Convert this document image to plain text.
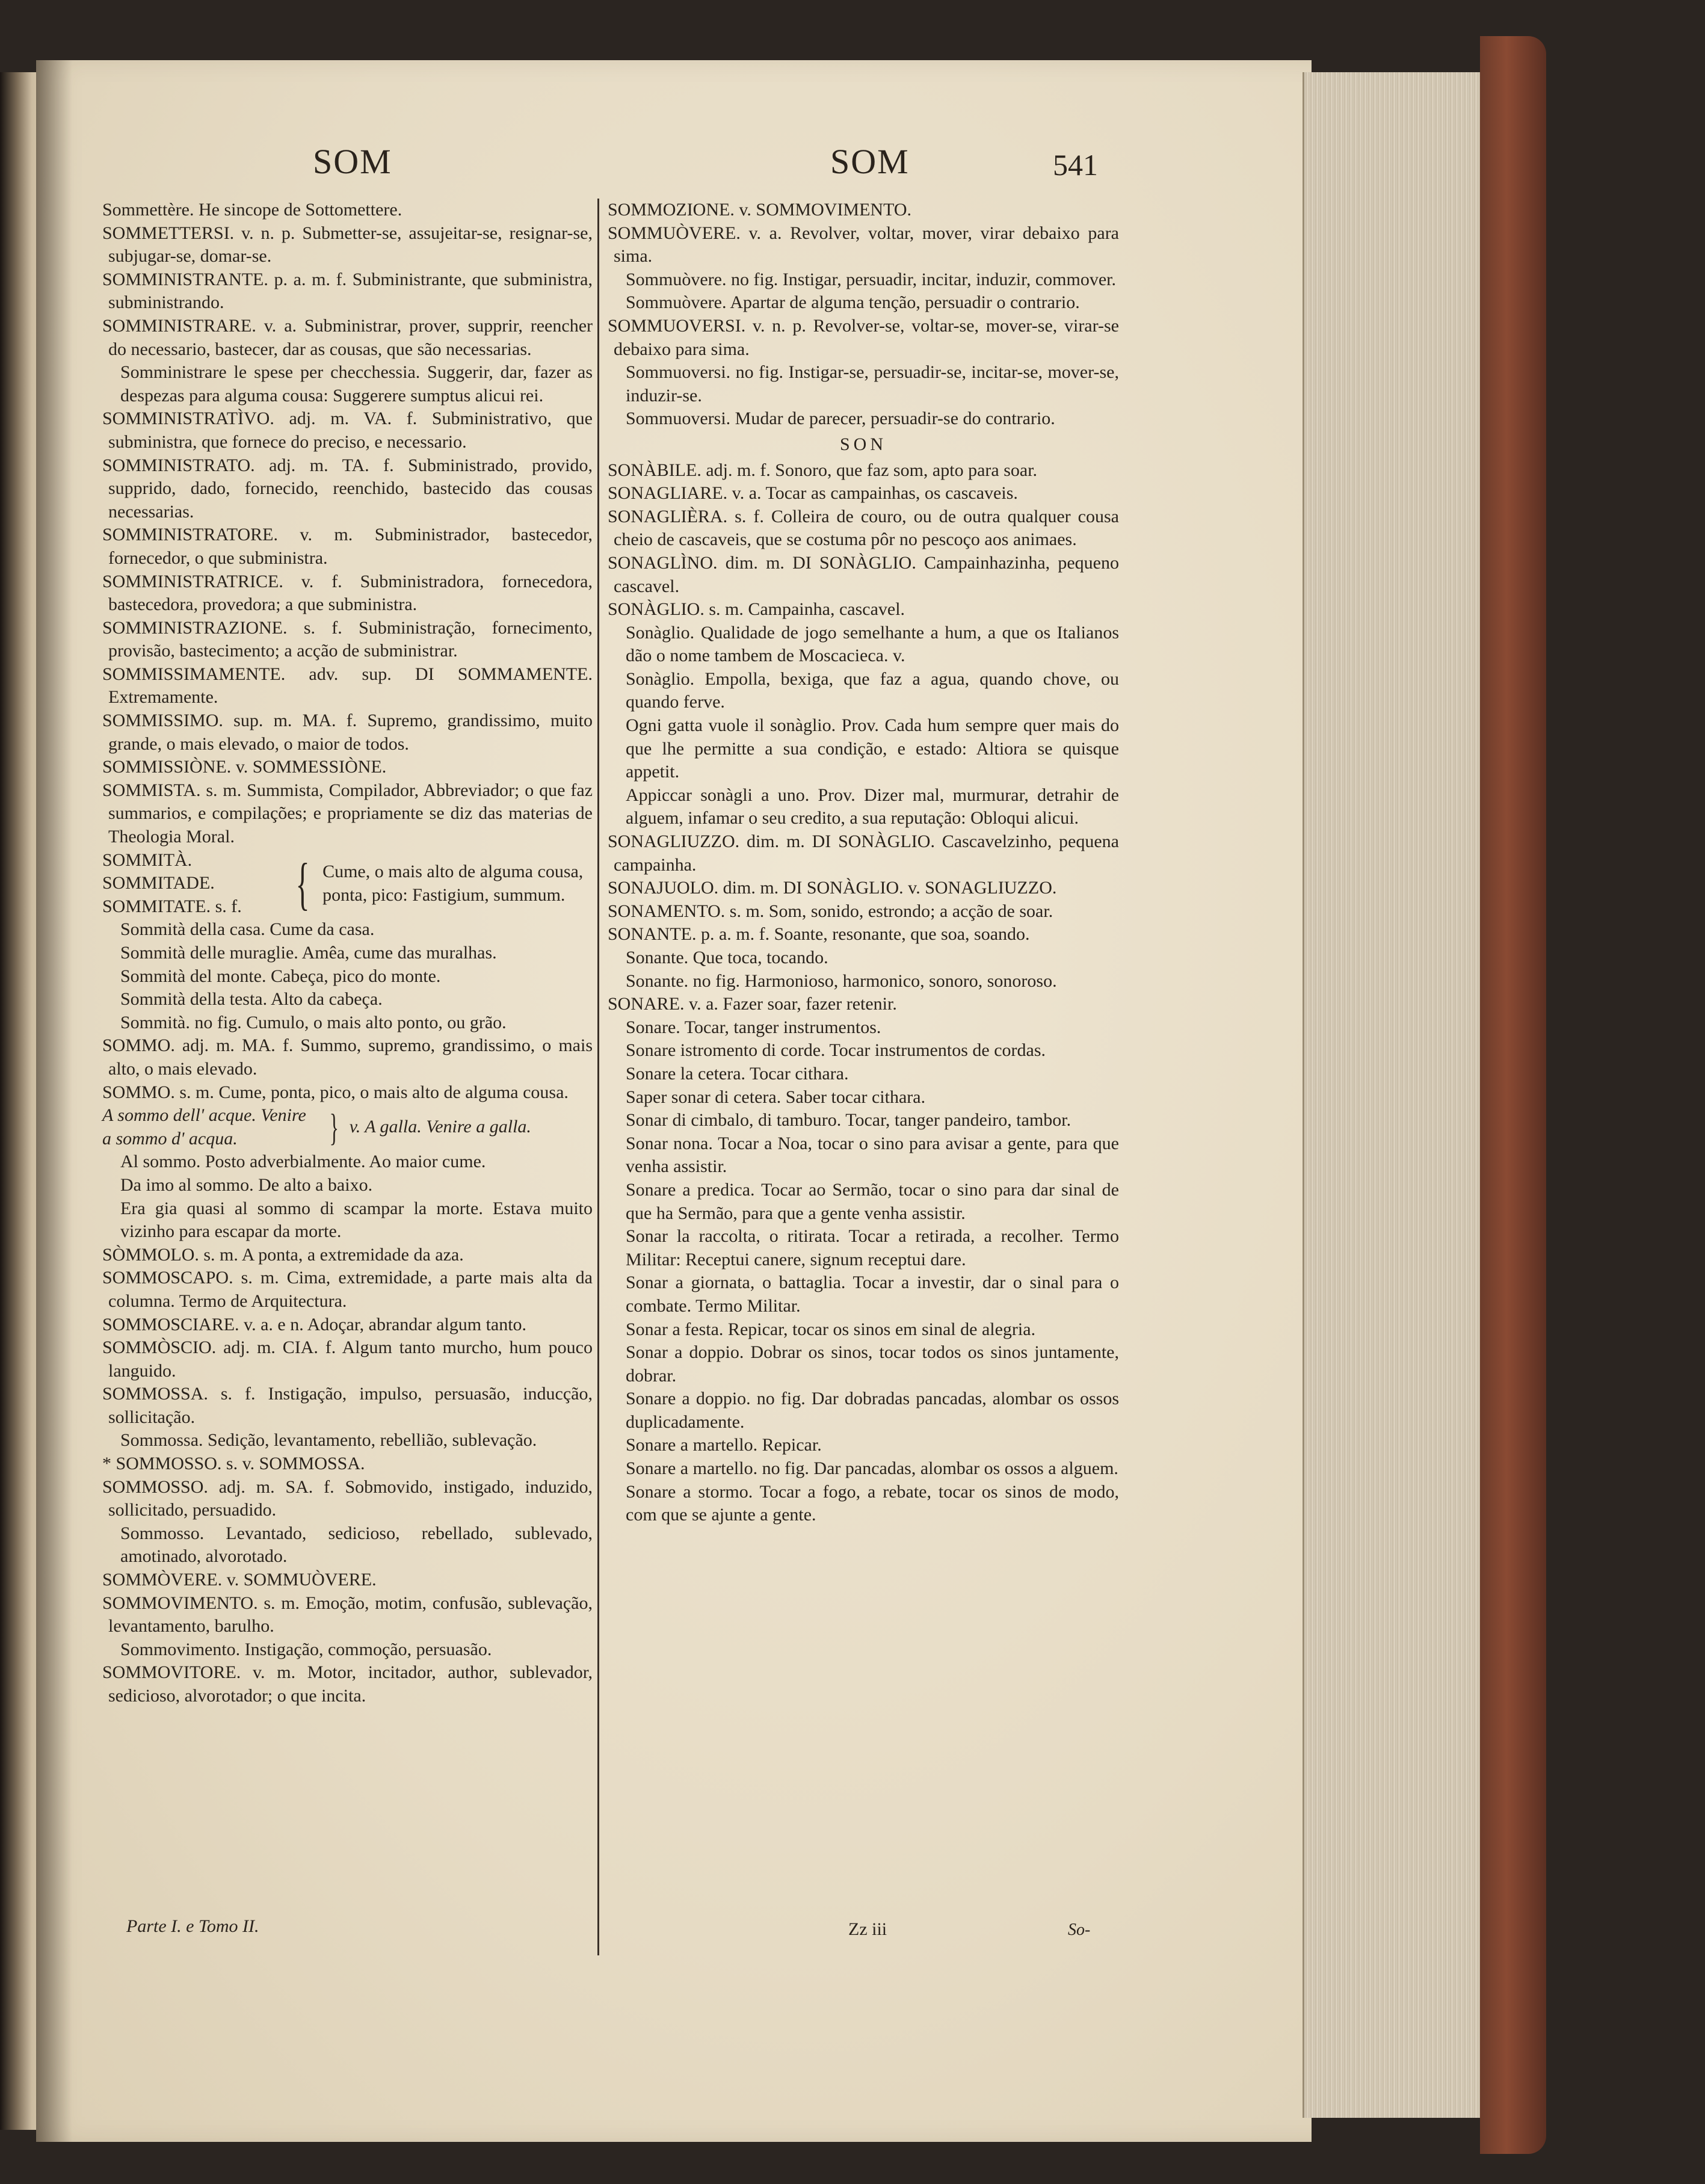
SOM	SOM	541

Sommettère. He sincope de Sottomettere.

SOMMETTERSI. v. n. p. Submetter-se, assujeitar-se, resignar-se, subjugar-se, domar-se.

SOMMINISTRANTE. p. a. m. f. Subministrante, que subministra, subministrando.

SOMMINISTRARE. v. a. Subministrar, prover, supprir, reencher do necessario, bastecer, dar as cousas, que são necessarias.

Somministrare le spese per checchessia. Suggerir, dar, fazer as despezas para alguma cousa: Suggerere sumptus alicui rei.

SOMMINISTRATÌVO. adj. m. VA. f. Subministrativo, que subministra, que fornece do preciso, e necessario.

SOMMINISTRATO. adj. m. TA. f. Subministrado, provido, supprido, dado, fornecido, reenchido, bastecido das cousas necessarias.

SOMMINISTRATORE. v. m. Subministrador, bastecedor, fornecedor, o que subministra.

SOMMINISTRATRICE. v. f. Subministradora, fornecedora, bastecedora, provedora; a que subministra.

SOMMINISTRAZIONE. s. f. Subministração, fornecimento, provisão, bastecimento; a acção de subministrar.

SOMMISSIMAMENTE. adv. sup. DI SOMMAMENTE. Extremamente.

SOMMISSIMO. sup. m. MA. f. Supremo, grandissimo, muito grande, o mais elevado, o maior de todos.

SOMMISSIÒNE. v. SOMMESSIÒNE.

SOMMISTA. s. m. Summista, Compilador, Abbreviador; o que faz summarios, e compilações; e propriamente se diz das materias de Theologia Moral.

SOMMITÀ.
SOMMITADE.
SOMMITATE. s. f. { Cume, o mais alto de alguma cousa, ponta, pico: Fastigium, summum.

Sommità della casa. Cume da casa.

Sommità delle muraglie. Amêa, cume das muralhas.

Sommità del monte. Cabeça, pico do monte.

Sommità della testa. Alto da cabeça.

Sommità. no fig. Cumulo, o mais alto ponto, ou grão.

SOMMO. adj. m. MA. f. Summo, supremo, grandissimo, o mais alto, o mais elevado.

SOMMO. s. m. Cume, ponta, pico, o mais alto de alguma cousa.

A sommo dell' acque. Venire a sommo d' acqua.	} v. A galla. Venire a galla.

Al sommo. Posto adverbialmente. Ao maior cume.

Da imo al sommo. De alto a baixo.

Era gia quasi al sommo di scampar la morte. Estava muito vizinho para escapar da morte.

SÒMMOLO. s. m. A ponta, a extremidade da aza.

SOMMOSCAPO. s. m. Cima, extremidade, a parte mais alta da columna. Termo de Arquitectura.

SOMMOSCIARE. v. a. e n. Adoçar, abrandar algum tanto.

SOMMÒSCIO. adj. m. CIA. f. Algum tanto murcho, hum pouco languido.

SOMMOSSA. s. f. Instigação, impulso, persuasão, inducção, sollicitação.

Sommossa. Sedição, levantamento, rebellião, sublevação.

* SOMMOSSO. s. v. SOMMOSSA.

SOMMOSSO. adj. m. SA. f. Sobmovido, instigado, induzido, sollicitado, persuadido.

Sommosso. Levantado, sedicioso, rebellado, sublevado, amotinado, alvorotado.

SOMMÒVERE. v. SOMMUÒVERE.

SOMMOVIMENTO. s. m. Emoção, motim, confusão, sublevação, levantamento, barulho.

Sommovimento. Instigação, commoção, persuasão.

SOMMOVITORE. v. m. Motor, incitador, author, sublevador, sedicioso, alvorotador; o que incita.

SOMMOZIONE. v. SOMMOVIMENTO.

SOMMUÒVERE. v. a. Revolver, voltar, mover, virar debaixo para sima.

Sommuòvere. no fig. Instigar, persuadir, incitar, induzir, commover.

Sommuòvere. Apartar de alguma tenção, persuadir o contrario.

SOMMUOVERSI. v. n. p. Revolver-se, voltar-se, mover-se, virar-se debaixo para sima.

Sommuoversi. no fig. Instigar-se, persuadir-se, incitar-se, mover-se, induzir-se.

Sommuoversi. Mudar de parecer, persuadir-se do contrario.

SON

SONÀBILE. adj. m. f. Sonoro, que faz som, apto para soar.

SONAGLIARE. v. a. Tocar as campainhas, os cascaveis.

SONAGLIÈRA. s. f. Colleira de couro, ou de outra qualquer cousa cheio de cascaveis, que se costuma pôr no pescoço aos animaes.

SONAGLÌNO. dim. m. DI SONÀGLIO. Campainhazinha, pequeno cascavel.

SONÀGLIO. s. m. Campainha, cascavel.

Sonàglio. Qualidade de jogo semelhante a hum, a que os Italianos dão o nome tambem de Moscacieca. v.

Sonàglio. Empolla, bexiga, que faz a agua, quando chove, ou quando ferve.

Ogni gatta vuole il sonàglio. Prov. Cada hum sempre quer mais do que lhe permitte a sua condição, e estado: Altiora se quisque appetit.

Appiccar sonàgli a uno. Prov. Dizer mal, murmurar, detrahir de alguem, infamar o seu credito, a sua reputação: Obloqui alicui.

SONAGLIUZZO. dim. m. DI SONÀGLIO. Cascavelzinho, pequena campainha.

SONAJUOLO. dim. m. DI SONÀGLIO. v. SONAGLIUZZO.

SONAMENTO. s. m. Som, sonido, estrondo; a acção de soar.

SONANTE. p. a. m. f. Soante, resonante, que soa, soando.

Sonante. Que toca, tocando.

Sonante. no fig. Harmonioso, harmonico, sonoro, sonoroso.

SONARE. v. a. Fazer soar, fazer retenir.

Sonare. Tocar, tanger instrumentos.

Sonare istromento di corde. Tocar instrumentos de cordas.

Sonare la cetera. Tocar cithara.

Saper sonar di cetera. Saber tocar cithara.

Sonar di cimbalo, di tamburo. Tocar, tanger pandeiro, tambor.

Sonar nona. Tocar a Noa, tocar o sino para avisar a gente, para que venha assistir.

Sonare a predica. Tocar ao Sermão, tocar o sino para dar sinal de que ha Sermão, para que a gente venha assistir.

Sonar la raccolta, o ritirata. Tocar a retirada, a recolher. Termo Militar: Receptui canere, signum receptui dare.

Sonar a giornata, o battaglia. Tocar a investir, dar o sinal para o combate. Termo Militar.

Sonar a festa. Repicar, tocar os sinos em sinal de alegria.

Sonar a doppio. Dobrar os sinos, tocar todos os sinos juntamente, dobrar.

Sonare a doppio. no fig. Dar dobradas pancadas, alombar os ossos duplicadamente.

Sonare a martello. Repicar.

Sonare a martello. no fig. Dar pancadas, alombar os ossos a alguem.

Sonare a stormo. Tocar a fogo, a rebate, tocar os sinos de modo, com que se ajunte a gente.

Parte I. e Tomo II.	Zz iii	So-
